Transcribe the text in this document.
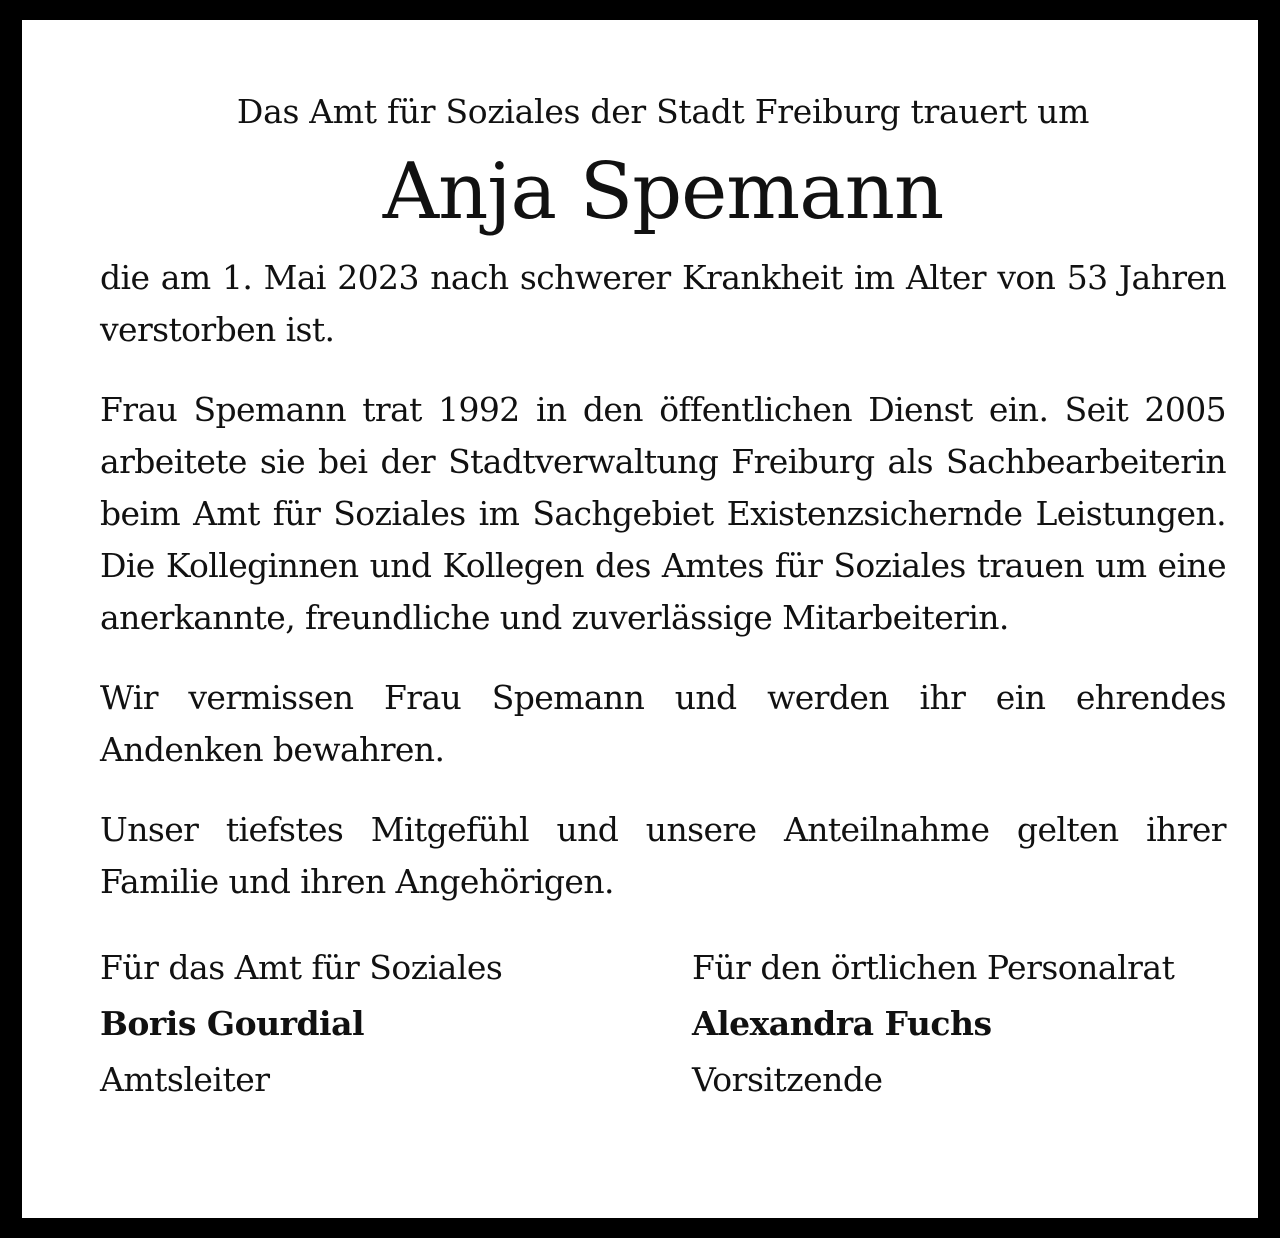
Das Amt für Soziales der Stadt Freiburg trauert um

Anja Spemann

die am 1. Mai 2023 nach schwerer Krankheit im Alter von 53 Jahren verstorben ist.

Frau Spemann trat 1992 in den öffentlichen Dienst ein. Seit 2005 arbeitete sie bei der Stadtverwaltung Freiburg als Sachbearbeiterin beim Amt für Soziales im Sachgebiet Existenzsichernde Leistungen. Die Kolleginnen und Kollegen des Amtes für Soziales trauen um eine anerkannte, freundliche und zuverlässige Mitarbeiterin.

Wir vermissen Frau Spemann und werden ihr ein ehrendes Andenken bewahren.

Unser tiefstes Mitgefühl und unsere Anteilnahme gelten ihrer Familie und ihren Angehörigen.

Für das Amt für Soziales
Boris Gourdial
Amtsleiter
Für den örtlichen Personalrat
Alexandra Fuchs
Vorsitzende
